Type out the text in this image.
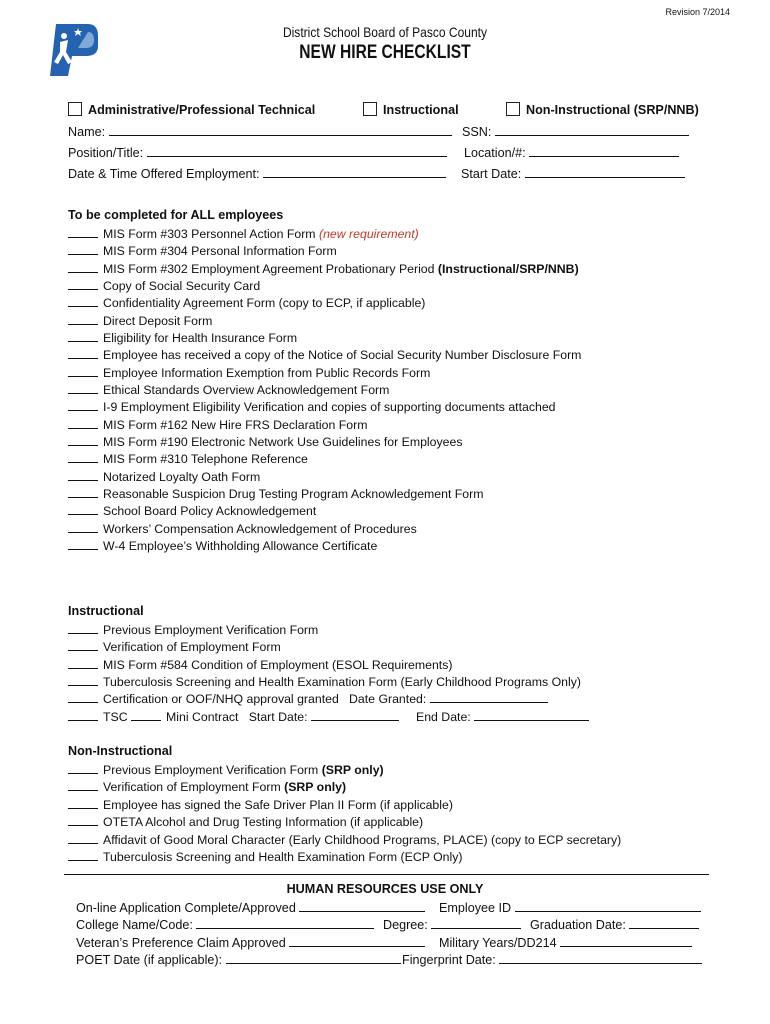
Revision 7/2014
District School Board of Pasco County
NEW HIRE CHECKLIST
Administrative/Professional Technical	Instructional	Non-Instructional (SRP/NNB)
Name:	SSN:
Position/Title:	Location/#:
Date & Time Offered Employment:	Start Date:
To be completed for ALL employees
MIS Form #303 Personnel Action Form (new requirement)
MIS Form #304 Personal Information Form
MIS Form #302 Employment Agreement Probationary Period (Instructional/SRP/NNB)
Copy of Social Security Card
Confidentiality Agreement Form (copy to ECP, if applicable)
Direct Deposit Form
Eligibility for Health Insurance Form
Employee has received a copy of the Notice of Social Security Number Disclosure Form
Employee Information Exemption from Public Records Form
Ethical Standards Overview Acknowledgement Form
I-9 Employment Eligibility Verification and copies of supporting documents attached
MIS Form #162 New Hire FRS Declaration Form
MIS Form #190 Electronic Network Use Guidelines for Employees
MIS Form #310 Telephone Reference
Notarized Loyalty Oath Form
Reasonable Suspicion Drug Testing Program Acknowledgement Form
School Board Policy Acknowledgement
Workers’ Compensation Acknowledgement of Procedures
W-4 Employee’s Withholding Allowance Certificate
Instructional
Previous Employment Verification Form
Verification of Employment Form
MIS Form #584 Condition of Employment (ESOL Requirements)
Tuberculosis Screening and Health Examination Form (Early Childhood Programs Only)
Certification or OOF/NHQ approval granted Date Granted:
TSC	Mini Contract Start Date:	End Date:
Non-Instructional
Previous Employment Verification Form (SRP only)
Verification of Employment Form (SRP only)
Employee has signed the Safe Driver Plan II Form (if applicable)
OTETA Alcohol and Drug Testing Information (if applicable)
Affidavit of Good Moral Character (Early Childhood Programs, PLACE) (copy to ECP secretary)
Tuberculosis Screening and Health Examination Form (ECP Only)
HUMAN RESOURCES USE ONLY
On-line Application Complete/Approved	Employee ID
College Name/Code:	Degree:	Graduation Date:
Veteran’s Preference Claim Approved	Military Years/DD214
POET Date (if applicable):	Fingerprint Date:
